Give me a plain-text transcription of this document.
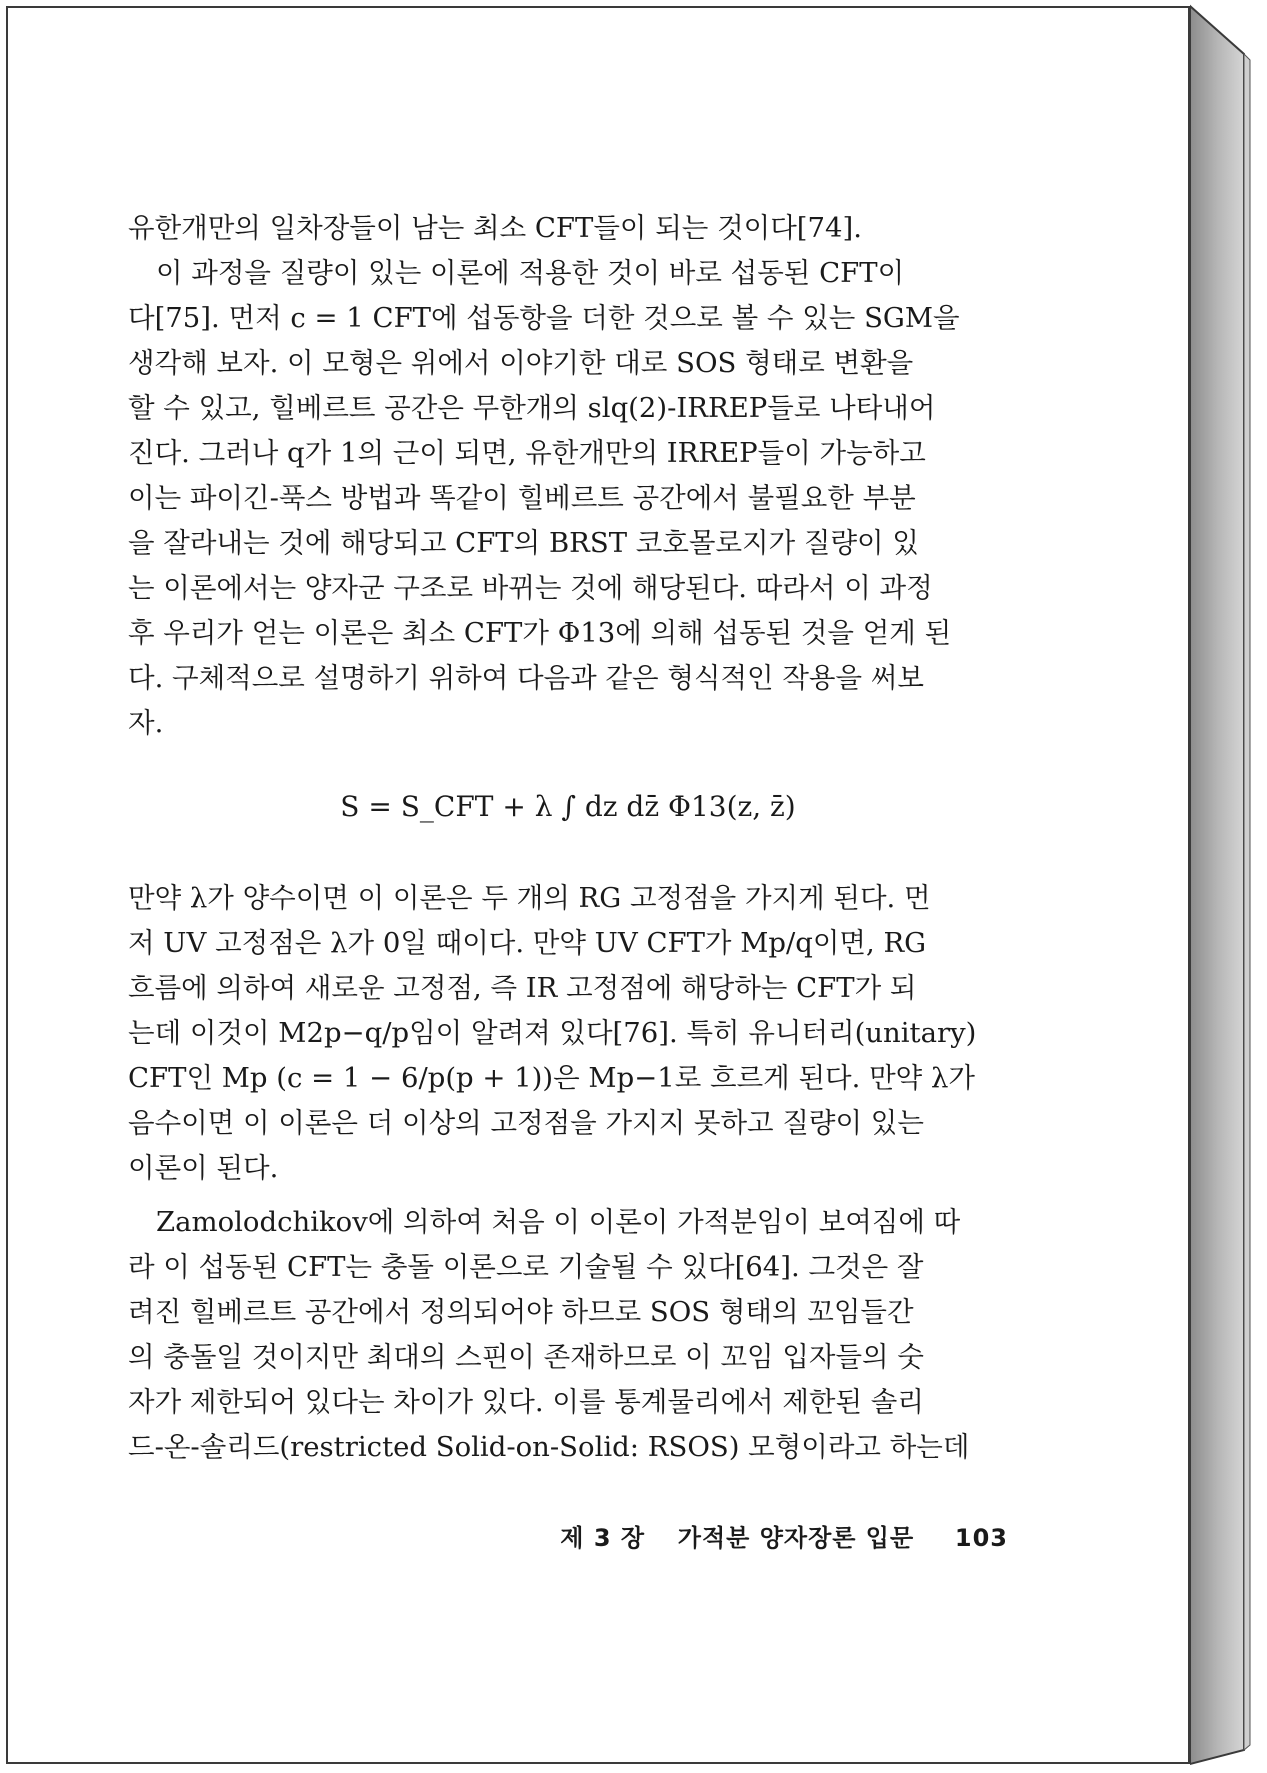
유한개만의 일차장들이 남는 최소 CFT들이 되는 것이다[74].
이 과정을 질량이 있는 이론에 적용한 것이 바로 섭동된 CFT이
다[75]. 먼저 c = 1 CFT에 섭동항을 더한 것으로 볼 수 있는 SGM을
생각해 보자. 이 모형은 위에서 이야기한 대로 SOS 형태로 변환을
할 수 있고, 힐베르트 공간은 무한개의 slq(2)-IRREP들로 나타내어
진다. 그러나 q가 1의 근이 되면, 유한개만의 IRREP들이 가능하고
이는 파이긴-푹스 방법과 똑같이 힐베르트 공간에서 불필요한 부분
을 잘라내는 것에 해당되고 CFT의 BRST 코호몰로지가 질량이 있
는 이론에서는 양자군 구조로 바뀌는 것에 해당된다. 따라서 이 과정
후 우리가 얻는 이론은 최소 CFT가 Φ13에 의해 섭동된 것을 얻게 된
다. 구체적으로 설명하기 위하여 다음과 같은 형식적인 작용을 써보
자.
S = S_CFT + λ ∫ dz dz̄ Φ13(z, z̄)
만약 λ가 양수이면 이 이론은 두 개의 RG 고정점을 가지게 된다. 먼
저 UV 고정점은 λ가 0일 때이다. 만약 UV CFT가 Mp/q이면, RG
흐름에 의하여 새로운 고정점, 즉 IR 고정점에 해당하는 CFT가 되
는데 이것이 M2p−q/p임이 알려져 있다[76]. 특히 유니터리(unitary)
CFT인 Mp (c = 1 − 6/p(p + 1))은 Mp−1로 흐르게 된다. 만약 λ가
음수이면 이 이론은 더 이상의 고정점을 가지지 못하고 질량이 있는
이론이 된다.
Zamolodchikov에 의하여 처음 이 이론이 가적분임이 보여짐에 따
라 이 섭동된 CFT는 충돌 이론으로 기술될 수 있다[64]. 그것은 잘
려진 힐베르트 공간에서 정의되어야 하므로 SOS 형태의 꼬임들간
의 충돌일 것이지만 최대의 스핀이 존재하므로 이 꼬임 입자들의 숫
자가 제한되어 있다는 차이가 있다. 이를 통계물리에서 제한된 솔리
드-온-솔리드(restricted Solid-on-Solid: RSOS) 모형이라고 하는데
제 3 장 가적분 양자장론 입문 103
